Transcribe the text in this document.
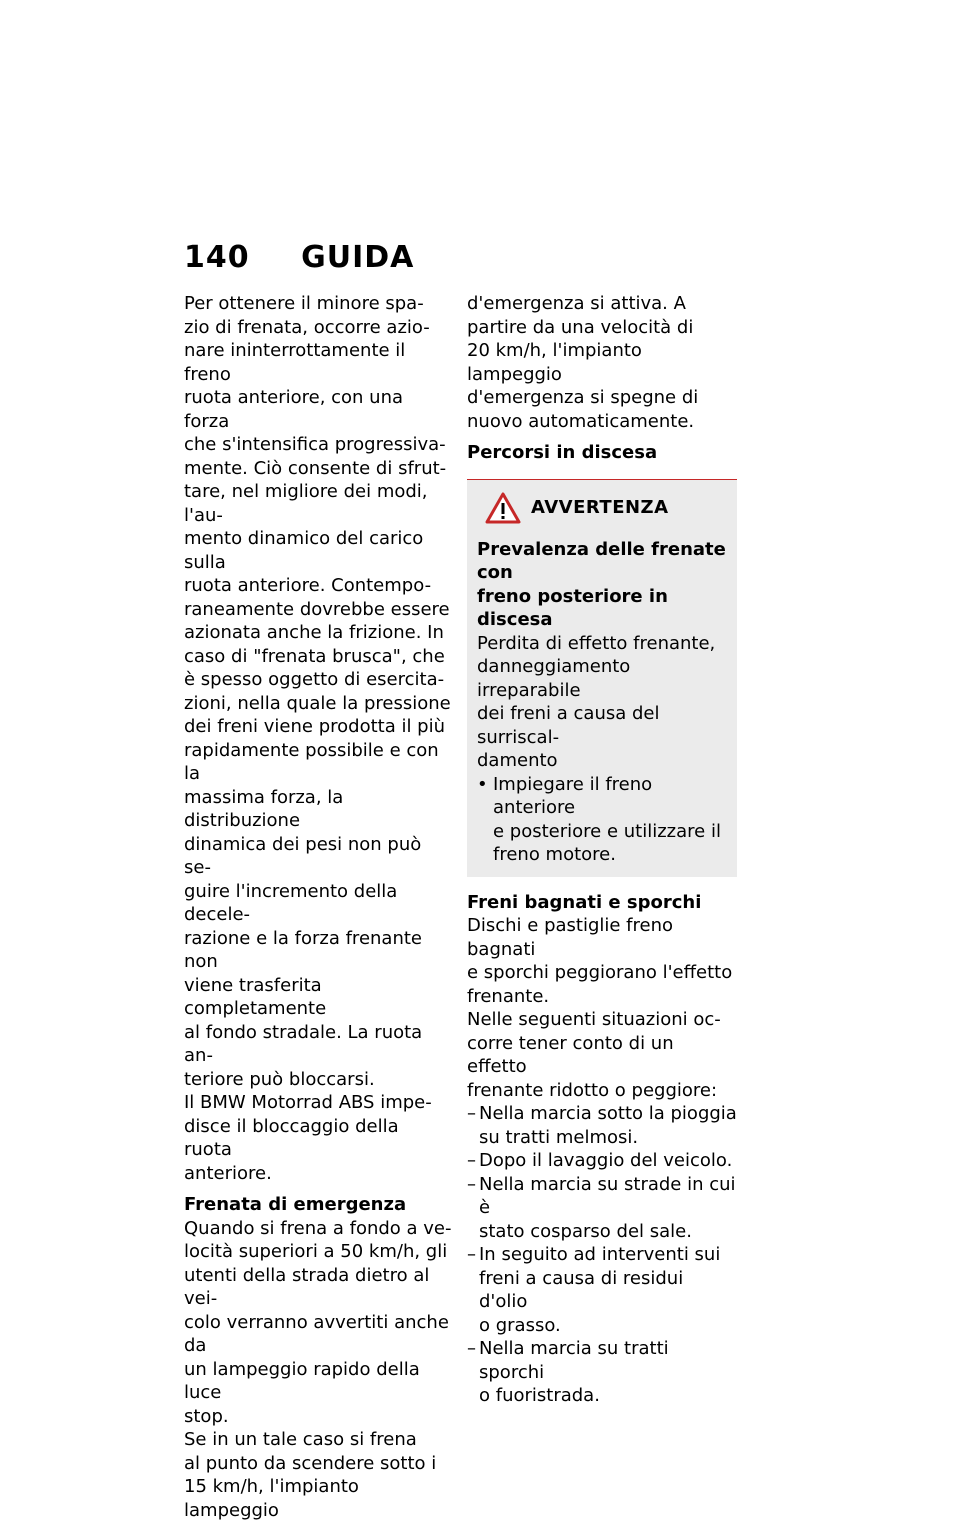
140 GUIDA

Per ottenere il minore spa-
zio di frenata, occorre azio-
nare ininterrottamente il freno
ruota anteriore, con una forza
che s'intensifica progressiva-
mente. Ciò consente di sfrut-
tare, nel migliore dei modi, l'au-
mento dinamico del carico sulla
ruota anteriore. Contempo-
raneamente dovrebbe essere
azionata anche la frizione. In
caso di "frenata brusca", che
è spesso oggetto di esercita-
zioni, nella quale la pressione
dei freni viene prodotta il più
rapidamente possibile e con la
massima forza, la distribuzione
dinamica dei pesi non può se-
guire l'incremento della decele-
razione e la forza frenante non
viene trasferita completamente
al fondo stradale. La ruota an-
teriore può bloccarsi.

Il BMW Motorrad ABS impe-
disce il bloccaggio della ruota
anteriore.

Frenata di emergenza

Quando si frena a fondo a ve-
locità superiori a 50 km/h, gli
utenti della strada dietro al vei-
colo verranno avvertiti anche da
un lampeggio rapido della luce
stop.

Se in un tale caso si frena
al punto da scendere sotto i
15 km/h, l'impianto lampeggio

d'emergenza si attiva. A
partire da una velocità di
20 km/h, l'impianto lampeggio
d'emergenza si spegne di
nuovo automaticamente.

Percorsi in discesa
AVVERTENZA

Prevalenza delle frenate con
freno posteriore in discesa

Perdita di effetto frenante,
danneggiamento irreparabile
dei freni a causa del surriscal-
damento

• Impiegare il freno anteriore
e posteriore e utilizzare il
freno motore.
Freni bagnati e sporchi

Dischi e pastiglie freno bagnati
e sporchi peggiorano l'effetto
frenante.

Nelle seguenti situazioni oc-
corre tener conto di un effetto
frenante ridotto o peggiore:

– Nella marcia sotto la pioggia
su tratti melmosi.
– Dopo il lavaggio del veicolo.
– Nella marcia su strade in cui è
stato cosparso del sale.
– In seguito ad interventi sui
freni a causa di residui d'olio
o grasso.
– Nella marcia su tratti sporchi
o fuoristrada.
